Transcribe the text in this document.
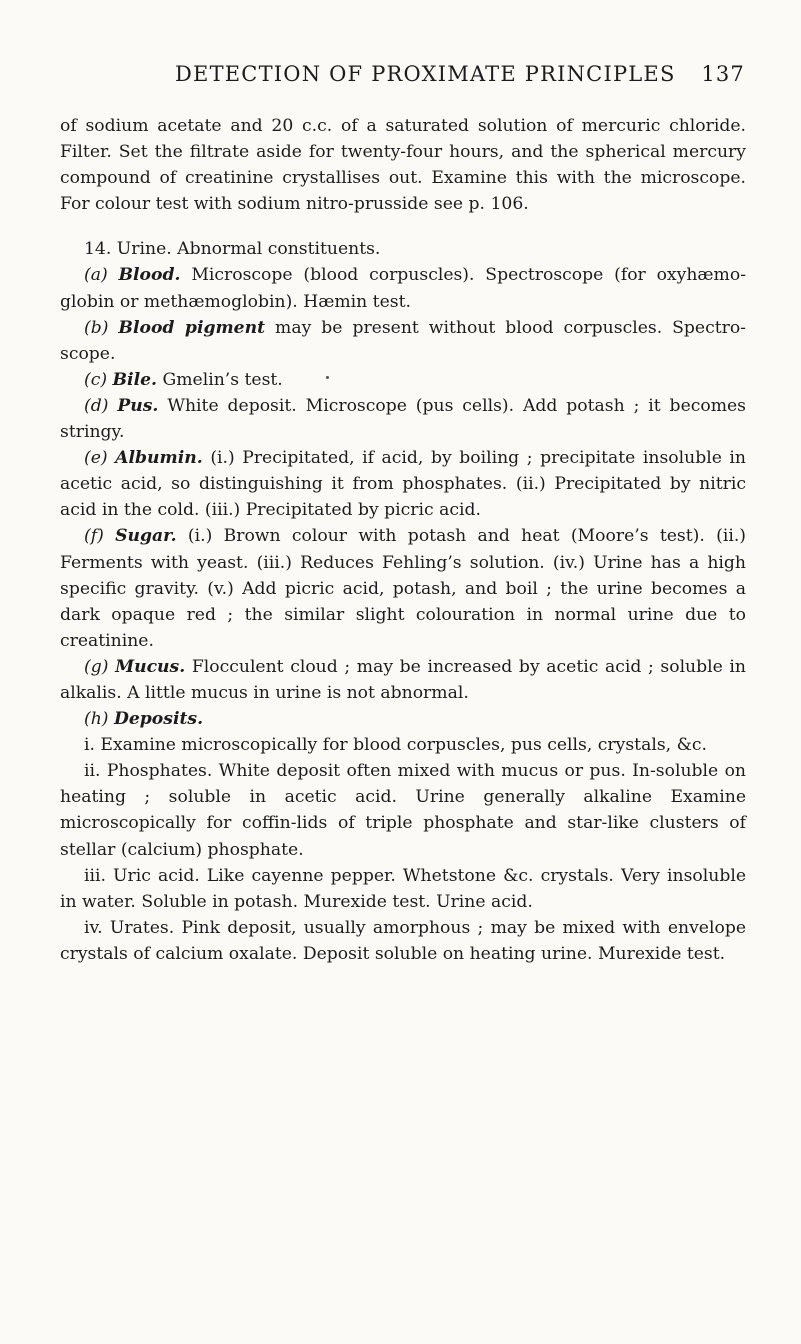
DETECTION OF PROXIMATE PRINCIPLES 137

of sodium acetate and 20 c.c. of a saturated solution of mercuric chloride. Filter. Set the filtrate aside for twenty-four hours, and the spherical mercury compound of creatinine crystallises out. Examine this with the microscope. For colour test with sodium nitro-prusside see p. 106.

14. Urine. Abnormal constituents.

(a) Blood. Microscope (blood corpuscles). Spectroscope (for oxyhæmo-globin or methæmoglobin). Hæmin test.

(b) Blood pigment may be present without blood corpuscles. Spectro-scope.

(c) Bile. Gmelin’s test.

(d) Pus. White deposit. Microscope (pus cells). Add potash ; it becomes stringy.

(e) Albumin. (i.) Precipitated, if acid, by boiling ; precipitate insoluble in acetic acid, so distinguishing it from phosphates. (ii.) Precipitated by nitric acid in the cold. (iii.) Precipitated by picric acid.

(f) Sugar. (i.) Brown colour with potash and heat (Moore’s test). (ii.) Ferments with yeast. (iii.) Reduces Fehling’s solution. (iv.) Urine has a high specific gravity. (v.) Add picric acid, potash, and boil ; the urine becomes a dark opaque red ; the similar slight colouration in normal urine due to creatinine.

(g) Mucus. Flocculent cloud ; may be increased by acetic acid ; soluble in alkalis. A little mucus in urine is not abnormal.

(h) Deposits.

i. Examine microscopically for blood corpuscles, pus cells, crystals, &c.

ii. Phosphates. White deposit often mixed with mucus or pus. In-soluble on heating ; soluble in acetic acid. Urine generally alkaline Examine microscopically for coffin-lids of triple phosphate and star-like clusters of stellar (calcium) phosphate.

iii. Uric acid. Like cayenne pepper. Whetstone &c. crystals. Very insoluble in water. Soluble in potash. Murexide test. Urine acid.

iv. Urates. Pink deposit, usually amorphous ; may be mixed with envelope crystals of calcium oxalate. Deposit soluble on heating urine. Murexide test.
